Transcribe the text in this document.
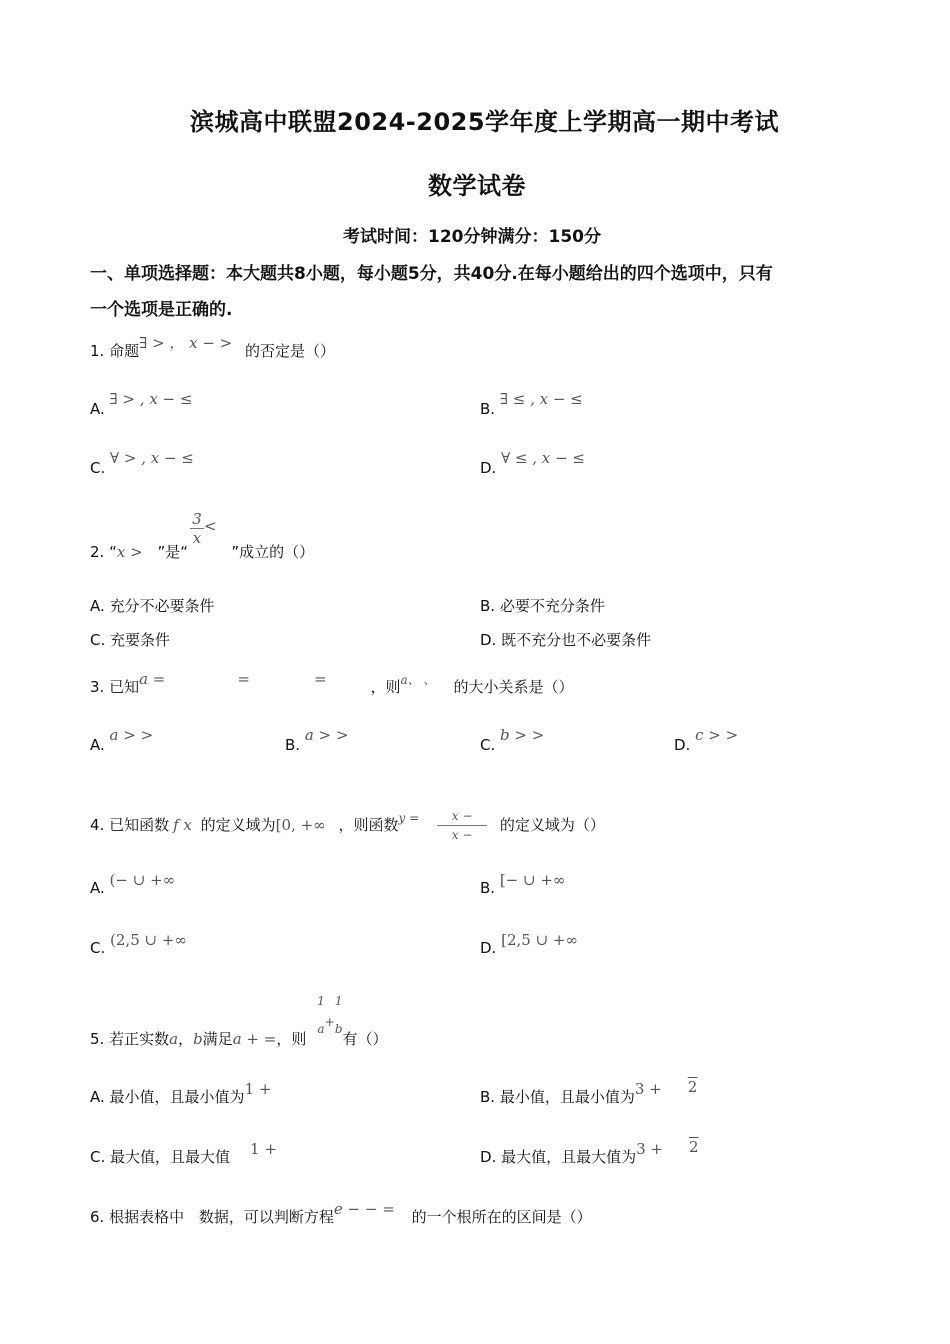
滨城高中联盟2024-2025学年度上学期高一期中考试
数学试卷
考试时间：120分钟满分：150分
一、单项选择题：本大题共8小题，每小题5分，共40分.在每小题给出的四个选项中，只有
一个选项是正确的.
1. 命题∃ > ， x − > 的否定是（）
A. ∃ > , x − ≤
B. ∃ ≤ , x − ≤
C. ∀ > , x − ≤
D. ∀ ≤ , x − ≤
2. “x > ”是“
$\frac{3}{x}$ < ”成立的（）
A. 充分不必要条件	B. 必要不充分条件
C. 充要条件	D. 既不充分也不必要条件
3. 已知a =	=	=	，则$^{a、 、}$ 的大小关系是（）
A. a > >
B. a > >
C. b > >
D. c > >
4. 已知函数 f x 的定义域为[0, +∞ ，则函数$^{y =} \frac{x -}{x -}$ 的定义域为（）
A. (− ∪ +∞	B. [− ∪ +∞
C. (2,5 ∪ +∞	D. [2,5 ∪ +∞
5. 若正实数a，b满足a + =，则
1
a
$_+$
1
b
有（）
A. 最小值，且最小值为1 +	B. 最小值，且最小值为3 + 2
C. 最大值，且最大值 1 +	D. 最大值，且最大值为3 + 2
6. 根据表格中 数据，可以判断方程e − − = 的一个根所在的区间是（）
